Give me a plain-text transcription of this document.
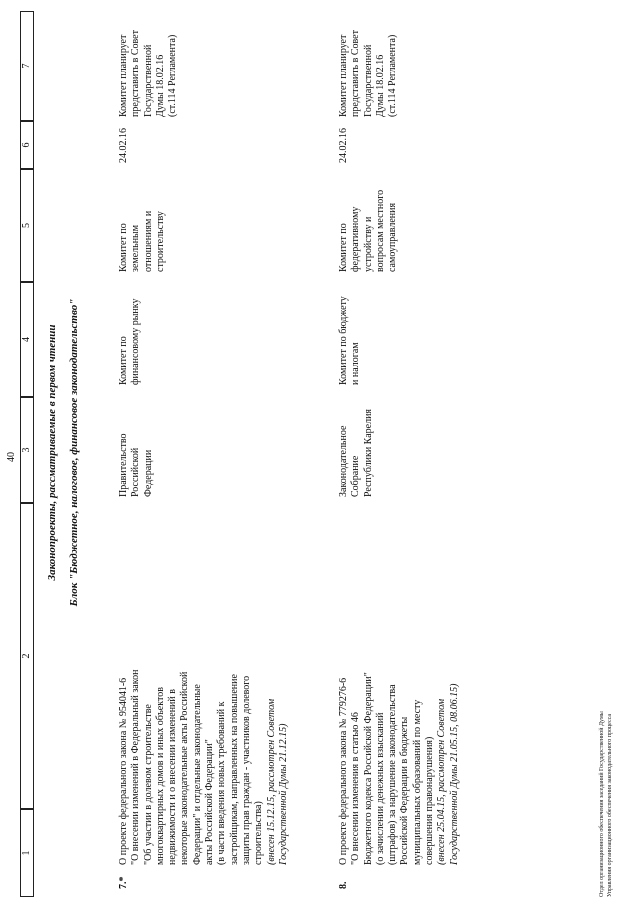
40
1
2
3
4
5
6
7
Законопроекты, рассматриваемые в первом чтении Блок "Бюджетное, налоговое, финансовое законодательство"
7.*
О проекте федерального закона № 954041-6 "О внесении изменений в Федеральный закон "Об участии в долевом строительстве многоквартирных домов и иных объектов недвижимости и о внесении изменений в некоторые законодательные акты Российской Федерации" и отдельные законодательные акты Российской Федерации" (в части введения новых требований к застройщикам, направленных на повышение защиты прав граждан - участников долевого строительства) (внесен 15.12.15, рассмотрен Советом Государственной Думы 21.12.15)
Правительство Российской Федерации
Комитет по финансовому рынку
Комитет по земельным отношениям и строительству
24.02.16
Комитет планирует представить в Совет Государственной Думы 18.02.16 (ст.114 Регламента)
8.
О проекте федерального закона № 779276-6 "О внесении изменения в статью 46 Бюджетного кодекса Российской Федерации" (о зачислении денежных взысканий (штрафов) за нарушение законодательства Российской Федерации в бюджеты муниципальных образований по месту совершения правонарушения) (внесен 25.04.15, рассмотрен Советом Государственной Думы 21.05.15, 08.06.15)
Законодательное Собрание Республики Карелия
Комитет по бюджету и налогам
Комитет по федеративному устройству и вопросам местного самоуправления
24.02.16
Комитет планирует представить в Совет Государственной Думы 18.02.16 (ст.114 Регламента)
Отдел организационного обеспечения заседаний Государственной Думы Управления организационного обеспечения законодательного процесса
